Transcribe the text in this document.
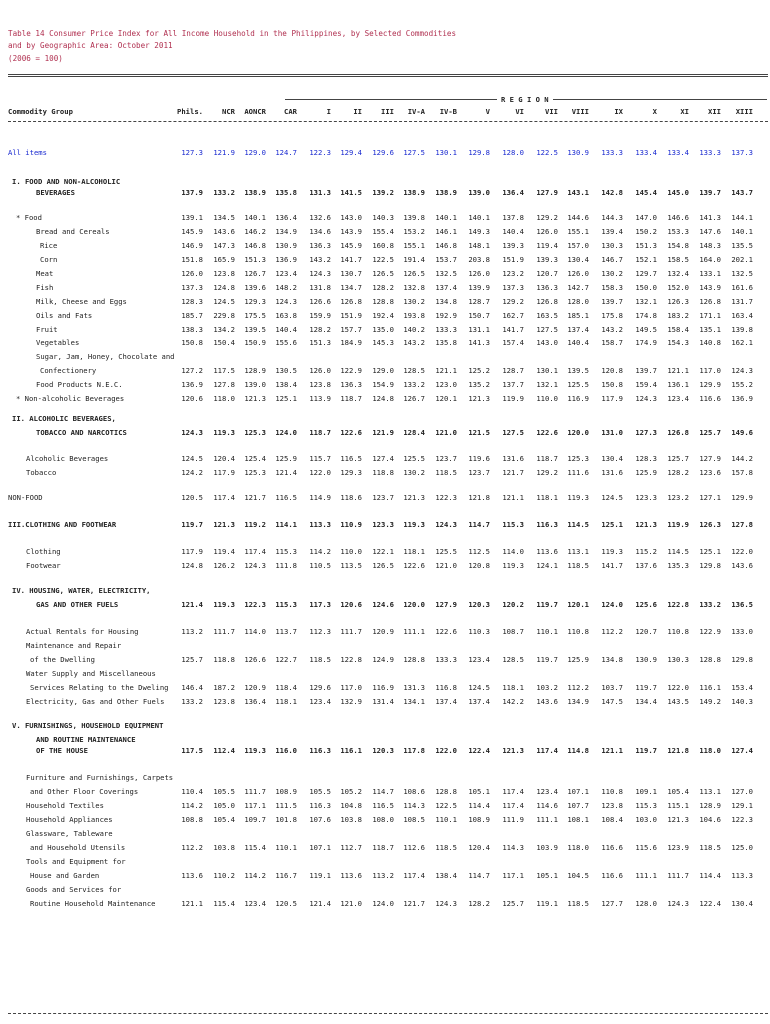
Table 14 Consumer Price Index for All Income Household in the Philippines, by Selected Commodities
and by Geographic Area: October 2011
(2006 = 100)
R E G I O N
Commodity Group	Phils.	NCR	AONCR	CAR	I	II	III	IV-A	IV-B	V	VI	VII	VIII	IX	X	XI	XII	XIII
All items	127.3	121.9	129.0	124.7	122.3	129.4	129.6	127.5	130.1	129.8	128.0	122.5	130.9	133.3	133.4	133.4	133.3	137.3
I. FOOD AND NON-ALCOHOLIC
BEVERAGES	137.9	133.2	138.9	135.8	131.3	141.5	139.2	138.9	138.9	139.0	136.4	127.9	143.1	142.8	145.4	145.0	139.7	143.7
* Food	139.1	134.5	140.1	136.4	132.6	143.0	140.3	139.8	140.1	140.1	137.8	129.2	144.6	144.3	147.0	146.6	141.3	144.1
Bread and Cereals	145.9	143.6	146.2	134.9	134.6	143.9	155.4	153.2	146.1	149.3	140.4	126.0	155.1	139.4	150.2	153.3	147.6	140.1
Rice	146.9	147.3	146.8	130.9	136.3	145.9	160.8	155.1	146.8	148.1	139.3	119.4	157.0	130.3	151.3	154.8	148.3	135.5
Corn	151.8	165.9	151.3	136.9	143.2	141.7	122.5	191.4	153.7	203.8	151.9	139.3	130.4	146.7	152.1	158.5	164.0	202.1
Meat	126.0	123.8	126.7	123.4	124.3	130.7	126.5	126.5	132.5	126.0	123.2	120.7	126.0	130.2	129.7	132.4	133.1	132.5
Fish	137.3	124.8	139.6	148.2	131.8	134.7	128.2	132.8	137.4	139.9	137.3	136.3	142.7	158.3	150.0	152.0	143.9	161.6
Milk, Cheese and Eggs	128.3	124.5	129.3	124.3	126.6	126.8	128.8	130.2	134.8	128.7	129.2	126.8	128.0	139.7	132.1	126.3	126.8	131.7
Oils and Fats	185.7	229.8	175.5	163.8	159.9	151.9	192.4	193.8	192.9	150.7	162.7	163.5	185.1	175.8	174.8	183.2	171.1	163.4
Fruit	138.3	134.2	139.5	140.4	128.2	157.7	135.0	140.2	133.3	131.1	141.7	127.5	137.4	143.2	149.5	158.4	135.1	139.8
Vegetables	150.8	150.4	150.9	155.6	151.3	184.9	145.3	143.2	135.8	141.3	157.4	143.0	140.4	158.7	174.9	154.3	140.8	162.1
Sugar, Jam, Honey, Chocolate and
Confectionery	127.2	117.5	128.9	130.5	126.0	122.9	129.0	128.5	121.1	125.2	128.7	130.1	139.5	120.8	139.7	121.1	117.0	124.3
Food Products N.E.C.	136.9	127.8	139.0	138.4	123.8	136.3	154.9	133.2	123.0	135.2	137.7	132.1	125.5	150.8	159.4	136.1	129.9	155.2
* Non-alcoholic Beverages	120.6	118.0	121.3	125.1	113.9	118.7	124.8	126.7	120.1	121.3	119.9	110.0	116.9	117.9	124.3	123.4	116.6	136.9
II. ALCOHOLIC BEVERAGES,
TOBACCO AND NARCOTICS	124.3	119.3	125.3	124.0	118.7	122.6	121.9	128.4	121.0	121.5	127.5	122.6	120.0	131.0	127.3	126.8	125.7	149.6
Alcoholic Beverages	124.5	120.4	125.4	125.9	115.7	116.5	127.4	125.5	123.7	119.6	131.6	118.7	125.3	130.4	128.3	125.7	127.9	144.2
Tobacco	124.2	117.9	125.3	121.4	122.0	129.3	118.8	130.2	118.5	123.7	121.7	129.2	111.6	131.6	125.9	128.2	123.6	157.8
NON-FOOD	120.5	117.4	121.7	116.5	114.9	118.6	123.7	121.3	122.3	121.8	121.1	118.1	119.3	124.5	123.3	123.2	127.1	129.9
III.CLOTHING AND FOOTWEAR	119.7	121.3	119.2	114.1	113.3	110.9	123.3	119.3	124.3	114.7	115.3	116.3	114.5	125.1	121.3	119.9	126.3	127.8
Clothing	117.9	119.4	117.4	115.3	114.2	110.0	122.1	118.1	125.5	112.5	114.0	113.6	113.1	119.3	115.2	114.5	125.1	122.0
Footwear	124.8	126.2	124.3	111.8	110.5	113.5	126.5	122.6	121.0	120.8	119.3	124.1	118.5	141.7	137.6	135.3	129.8	143.6
IV. HOUSING, WATER, ELECTRICITY,
GAS AND OTHER FUELS	121.4	119.3	122.3	115.3	117.3	120.6	124.6	120.0	127.9	120.3	120.2	119.7	120.1	124.0	125.6	122.8	133.2	136.5
Actual Rentals for Housing	113.2	111.7	114.0	113.7	112.3	111.7	120.9	111.1	122.6	110.3	108.7	110.1	110.8	112.2	120.7	110.8	122.9	133.0
Maintenance and Repair
of the Dwelling	125.7	118.8	126.6	122.7	118.5	122.8	124.9	128.8	133.3	123.4	128.5	119.7	125.9	134.8	130.9	130.3	128.8	129.8
Water Supply and Miscellaneous
Services Relating to the Dweling	146.4	187.2	120.9	118.4	129.6	117.0	116.9	131.3	116.8	124.5	118.1	103.2	112.2	103.7	119.7	122.0	116.1	153.4
Electricity, Gas and Other Fuels	133.2	123.8	136.4	118.1	123.4	132.9	131.4	134.1	137.4	137.4	142.2	143.6	134.9	147.5	134.4	143.5	149.2	140.3
V. FURNISHINGS, HOUSEHOLD EQUIPMENT
AND ROUTINE MAINTENANCE
OF THE HOUSE	117.5	112.4	119.3	116.0	116.3	116.1	120.3	117.8	122.0	122.4	121.3	117.4	114.8	121.1	119.7	121.8	118.0	127.4
Furniture and Furnishings, Carpets
and Other Floor Coverings	110.4	105.5	111.7	108.9	105.5	105.2	114.7	108.6	128.8	105.1	117.4	123.4	107.1	110.8	109.1	105.4	113.1	127.0
Household Textiles	114.2	105.0	117.1	111.5	116.3	104.8	116.5	114.3	122.5	114.4	117.4	114.6	107.7	123.8	115.3	115.1	128.9	129.1
Household Appliances	108.8	105.4	109.7	101.8	107.6	103.8	108.0	108.5	110.1	108.9	111.9	111.1	108.1	108.4	103.0	121.3	104.6	122.3
Glassware, Tableware
and Household Utensils	112.2	103.8	115.4	110.1	107.1	112.7	118.7	112.6	118.5	120.4	114.3	103.9	118.0	116.6	115.6	123.9	118.5	125.0
Tools and Equipment for
House and Garden	113.6	110.2	114.2	116.7	119.1	113.6	113.2	117.4	138.4	114.7	117.1	105.1	104.5	116.6	111.1	111.7	114.4	113.3
Goods and Services for
Routine Household Maintenance	121.1	115.4	123.4	120.5	121.4	121.0	124.0	121.7	124.3	128.2	125.7	119.1	118.5	127.7	128.0	124.3	122.4	130.4
